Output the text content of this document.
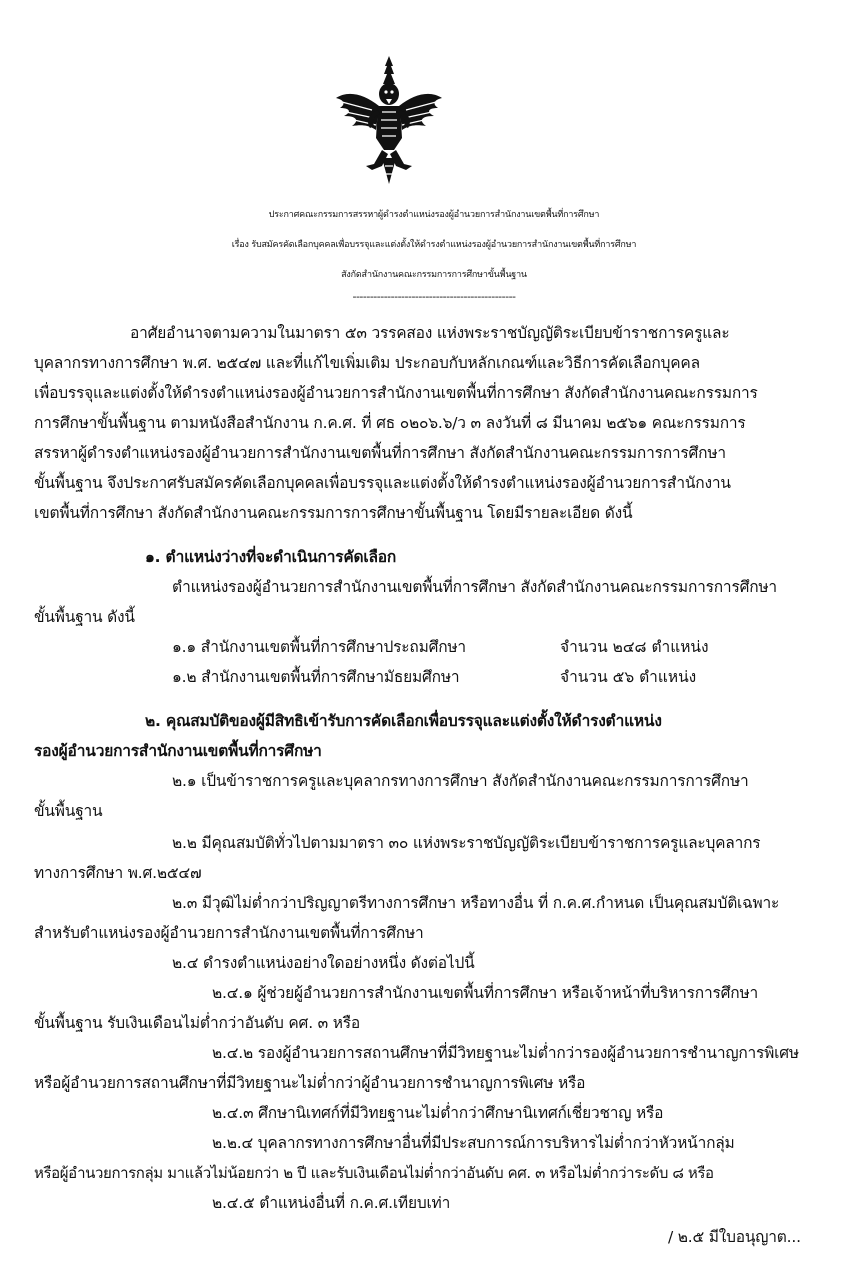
ประกาศคณะกรรมการสรรหาผู้ดำรงตำแหน่งรองผู้อำนวยการสำนักงานเขตพื้นที่การศึกษา
เรื่อง รับสมัครคัดเลือกบุคคลเพื่อบรรจุและแต่งตั้งให้ดำรงตำแหน่งรองผู้อำนวยการสำนักงานเขตพื้นที่การศึกษา
สังกัดสำนักงานคณะกรรมการการศึกษาขั้นพื้นฐาน
-----------------------------------------------
อาศัยอำนาจตามความในมาตรา ๕๓ วรรคสอง แห่งพระราชบัญญัติระเบียบข้าราชการครูและ
บุคลากรทางการศึกษา พ.ศ. ๒๕๔๗ และที่แก้ไขเพิ่มเติม ประกอบกับหลักเกณฑ์และวิธีการคัดเลือกบุคคล
เพื่อบรรจุและแต่งตั้งให้ดำรงตำแหน่งรองผู้อำนวยการสำนักงานเขตพื้นที่การศึกษา สังกัดสำนักงานคณะกรรมการ
การศึกษาขั้นพื้นฐาน ตามหนังสือสำนักงาน ก.ค.ศ. ที่ ศธ ๐๒๐๖.๖/ว ๓ ลงวันที่ ๘ มีนาคม ๒๕๖๑ คณะกรรมการ
สรรหาผู้ดำรงตำแหน่งรองผู้อำนวยการสำนักงานเขตพื้นที่การศึกษา สังกัดสำนักงานคณะกรรมการการศึกษา
ขั้นพื้นฐาน จึงประกาศรับสมัครคัดเลือกบุคคลเพื่อบรรจุและแต่งตั้งให้ดำรงตำแหน่งรองผู้อำนวยการสำนักงาน
เขตพื้นที่การศึกษา สังกัดสำนักงานคณะกรรมการการศึกษาขั้นพื้นฐาน โดยมีรายละเอียด ดังนี้
๑. ตำแหน่งว่างที่จะดำเนินการคัดเลือก
ตำแหน่งรองผู้อำนวยการสำนักงานเขตพื้นที่การศึกษา สังกัดสำนักงานคณะกรรมการการศึกษา
ขั้นพื้นฐาน ดังนี้
๑.๑ สำนักงานเขตพื้นที่การศึกษาประถมศึกษา	จำนวน ๒๔๘ ตำแหน่ง
๑.๒ สำนักงานเขตพื้นที่การศึกษามัธยมศึกษา	จำนวน ๕๖ ตำแหน่ง
๒. คุณสมบัติของผู้มีสิทธิเข้ารับการคัดเลือกเพื่อบรรจุและแต่งตั้งให้ดำรงตำแหน่ง
รองผู้อำนวยการสำนักงานเขตพื้นที่การศึกษา
๒.๑ เป็นข้าราชการครูและบุคลากรทางการศึกษา สังกัดสำนักงานคณะกรรมการการศึกษา
ขั้นพื้นฐาน
๒.๒ มีคุณสมบัติทั่วไปตามมาตรา ๓๐ แห่งพระราชบัญญัติระเบียบข้าราชการครูและบุคลากร
ทางการศึกษา พ.ศ.๒๕๔๗
๒.๓ มีวุฒิไม่ต่ำกว่าปริญญาตรีทางการศึกษา หรือทางอื่น ที่ ก.ค.ศ.กำหนด เป็นคุณสมบัติเฉพาะ
สำหรับตำแหน่งรองผู้อำนวยการสำนักงานเขตพื้นที่การศึกษา
๒.๔ ดำรงตำแหน่งอย่างใดอย่างหนึ่ง ดังต่อไปนี้
๒.๔.๑ ผู้ช่วยผู้อำนวยการสำนักงานเขตพื้นที่การศึกษา หรือเจ้าหน้าที่บริหารการศึกษา
ขั้นพื้นฐาน รับเงินเดือนไม่ต่ำกว่าอันดับ คศ. ๓ หรือ
๒.๔.๒ รองผู้อำนวยการสถานศึกษาที่มีวิทยฐานะไม่ต่ำกว่ารองผู้อำนวยการชำนาญการพิเศษ
หรือผู้อำนวยการสถานศึกษาที่มีวิทยฐานะไม่ต่ำกว่าผู้อำนวยการชำนาญการพิเศษ หรือ
๒.๔.๓ ศึกษานิเทศก์ที่มีวิทยฐานะไม่ต่ำกว่าศึกษานิเทศก์เชี่ยวชาญ หรือ
๒.๒.๔ บุคลากรทางการศึกษาอื่นที่มีประสบการณ์การบริหารไม่ต่ำกว่าหัวหน้ากลุ่ม
หรือผู้อำนวยการกลุ่ม มาแล้วไม่น้อยกว่า ๒ ปี และรับเงินเดือนไม่ต่ำกว่าอันดับ คศ. ๓ หรือไม่ต่ำกว่าระดับ ๘ หรือ
๒.๔.๕ ตำแหน่งอื่นที่ ก.ค.ศ.เทียบเท่า
/ ๒.๕ มีใบอนุญาต...
